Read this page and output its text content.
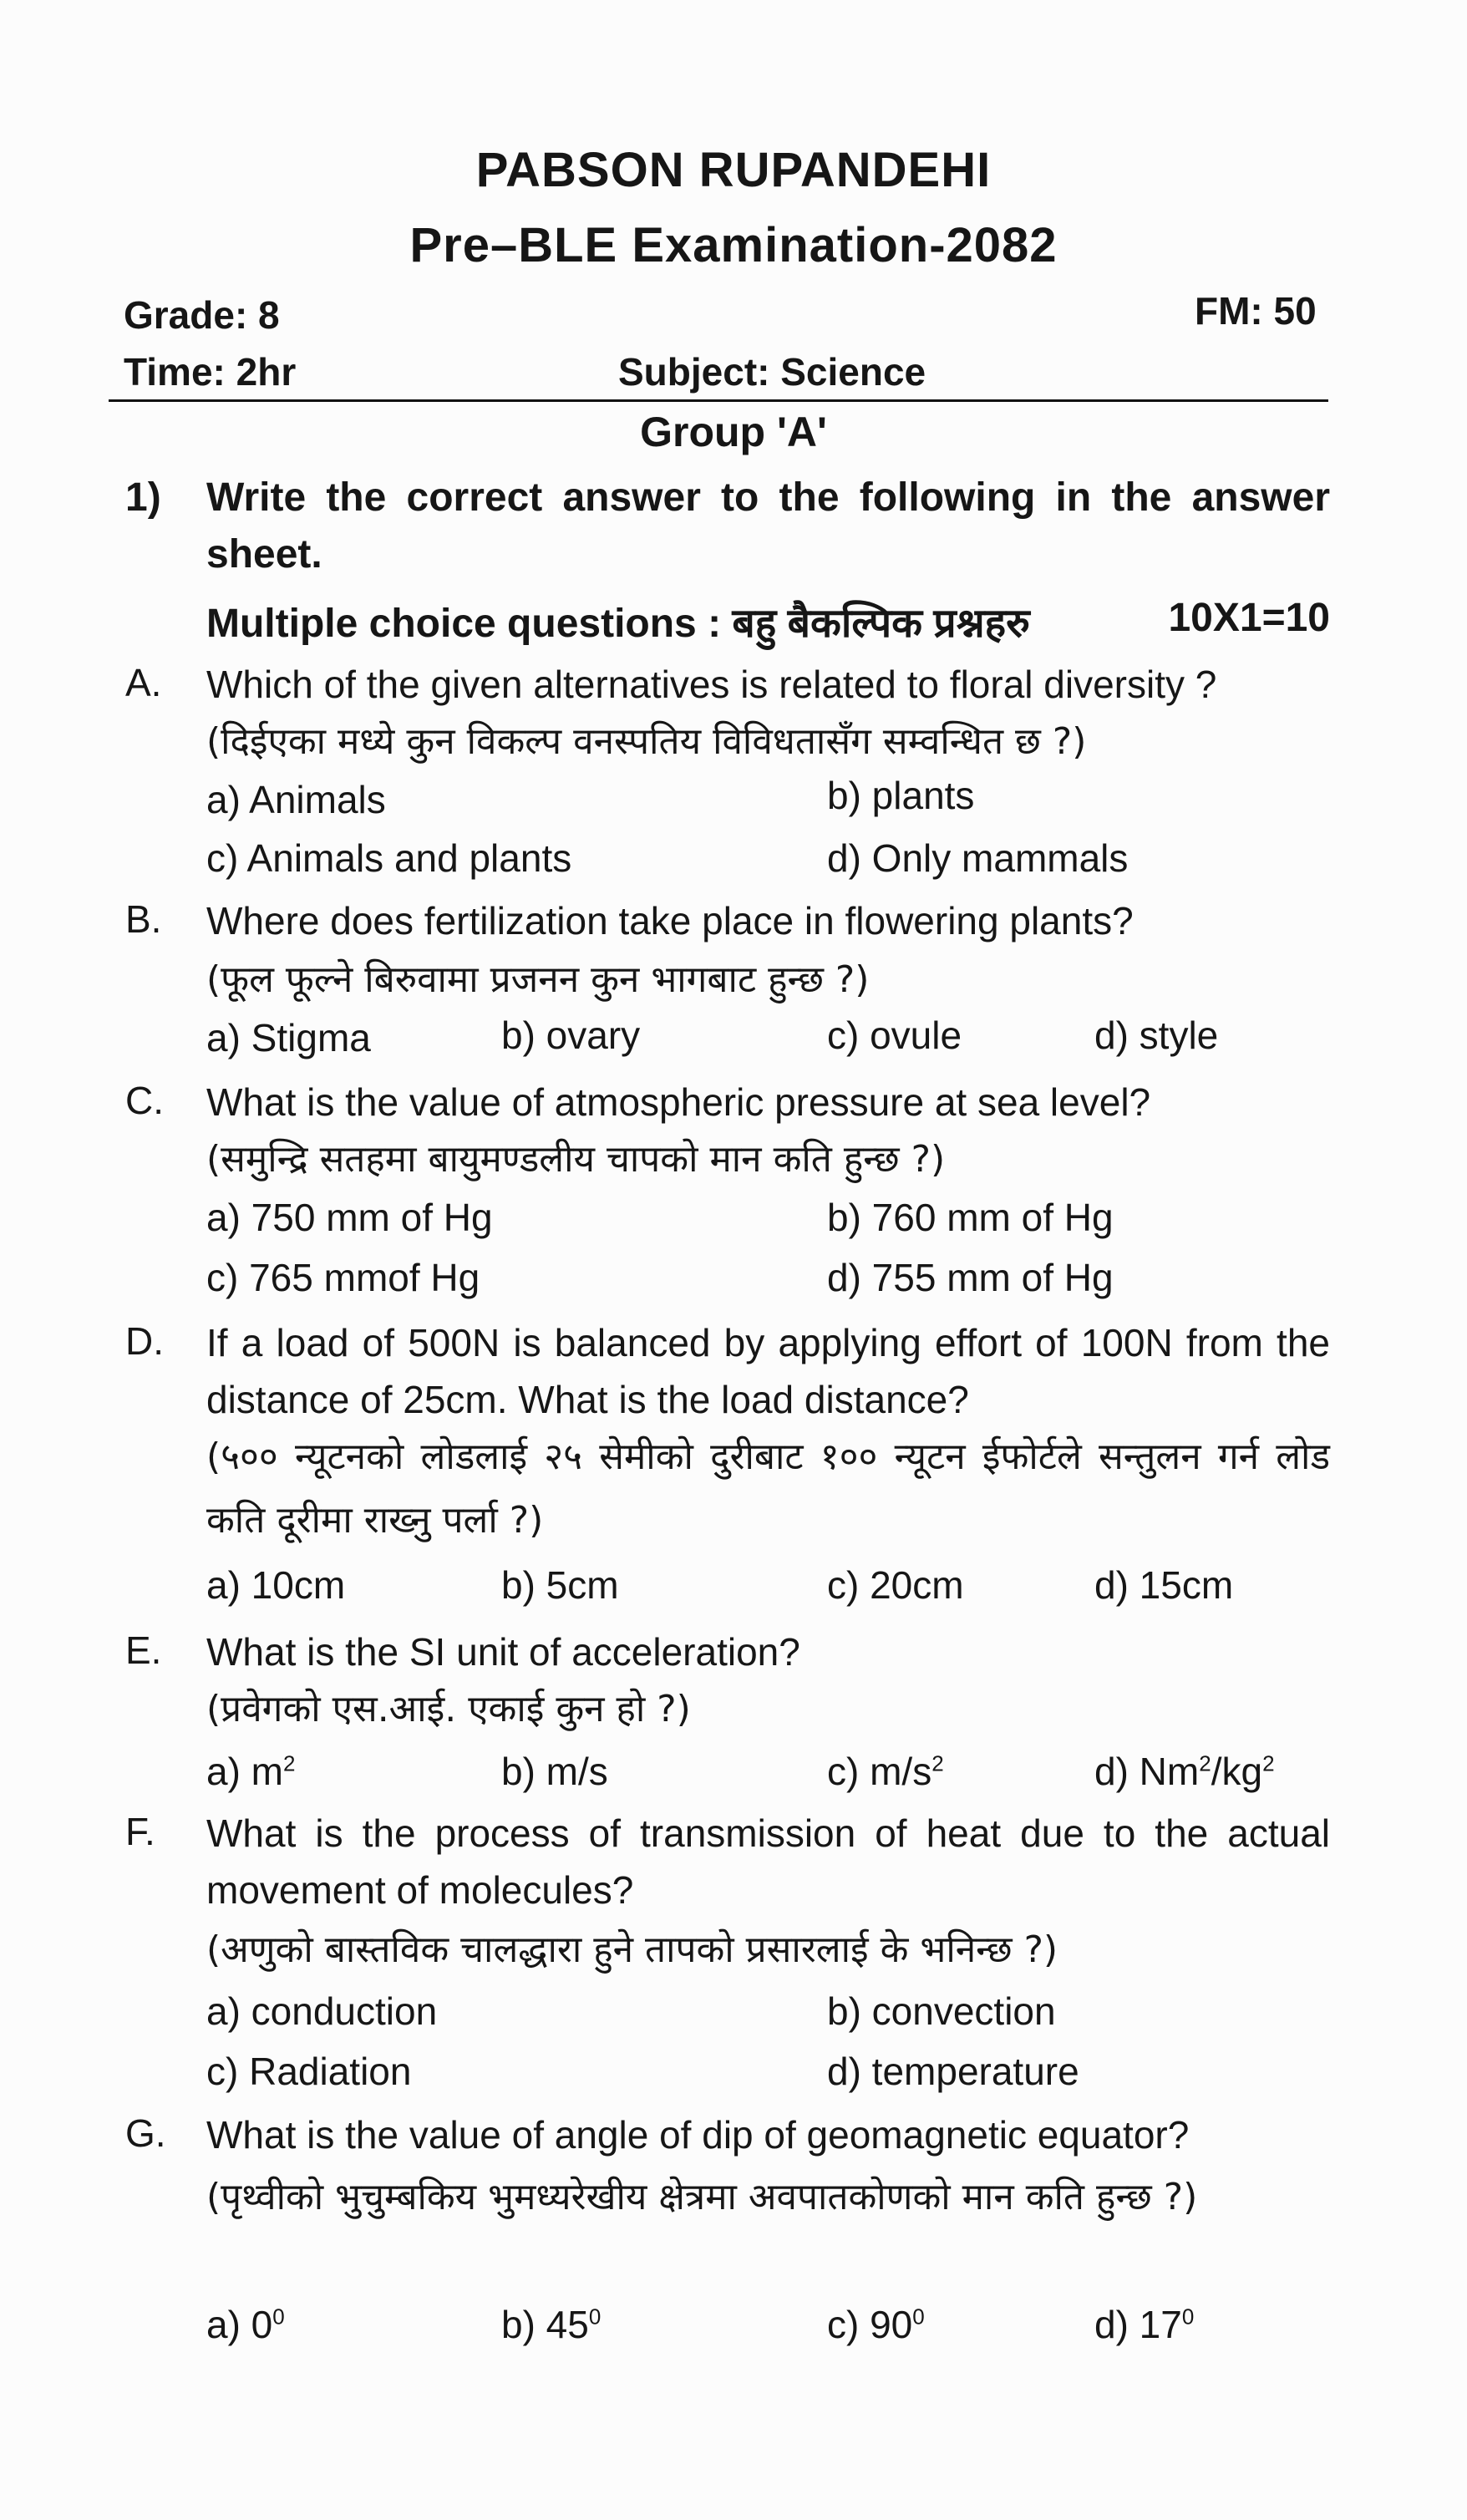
PABSON RUPANDEHI
Pre–BLE Examination-2082
Grade: 8	FM: 50
Time: 2hr	Subject: Science
Group 'A'
1) Write the correct answer to the following in the answer sheet.
Multiple choice questions : बहु बैकल्पिक प्रश्नहरु	10X1=10
A. Which of the given alternatives is related to floral diversity ?
(दिईएका मध्ये कुन विकल्प वनस्पतिय विविधतासँग सम्वन्धित छ ?)
a) Animals	b) plants
c) Animals and plants	d) Only mammals
B. Where does fertilization take place in flowering plants?
(फूल फूल्ने बिरुवामा प्रजनन कुन भागबाट हुन्छ ?)
a) Stigma	b) ovary	c) ovule	d) style
C. What is the value of atmospheric pressure at sea level?
(समुन्द्रि सतहमा बायुमण्डलीय चापको मान कति हुन्छ ?)
a) 750 mm of Hg	b) 760 mm of Hg
c) 765 mmof Hg	d) 755 mm of Hg
D. If a load of 500N is balanced by applying effort of 100N from the distance of 25cm. What is the load distance?
(५०० न्यूटनको लोडलाई २५ सेमीको दुरीबाट १०० न्यूटन ईफोर्टले सन्तुलन गर्न लोड कति दूरीमा राख्नु पर्ला ?)
a) 10cm	b) 5cm	c) 20cm	d) 15cm
E. What is the SI unit of acceleration?
(प्रवेगको एस.आई. एकाई कुन हो ?)
a) $m^2$	b) m/s	c) $m/s^2$	d) $Nm^2/kg^2$
F. What is the process of transmission of heat due to the actual movement of molecules?
(अणुको बास्तविक चालद्धारा हुने तापको प्रसारलाई के भनिन्छ ?)
a) conduction	b) convection
c) Radiation	d) temperature
G. What is the value of angle of dip of geomagnetic equator?
(पृथ्वीको भुचुम्बकिय भुमध्यरेखीय क्षेत्रमा अवपातकोणको मान कति हुन्छ ?)
a) $0^0$	b) $45^0$	c) $90^0$	d) $17^0$
